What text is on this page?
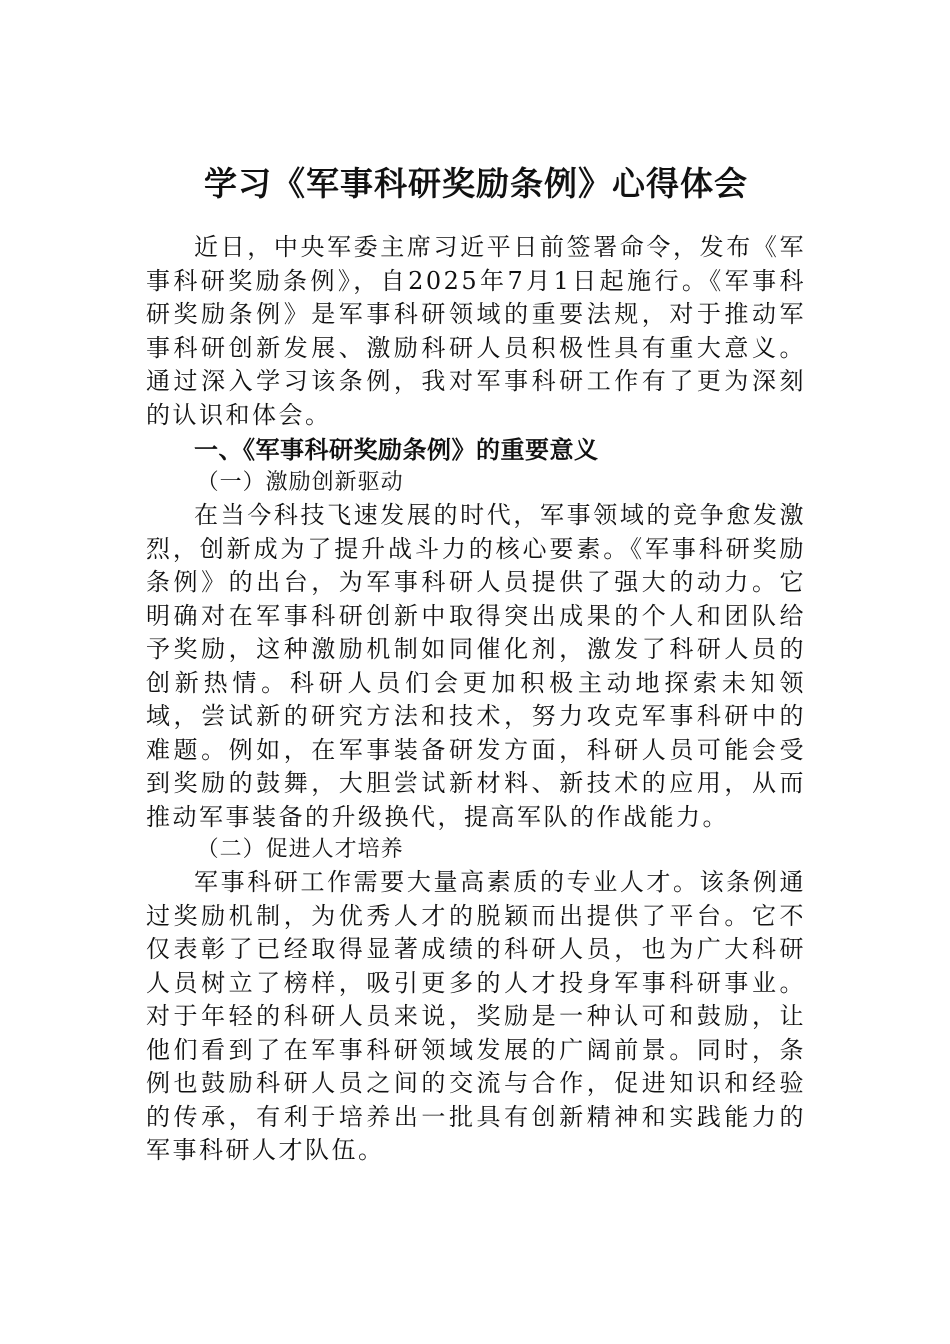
学习《军事科研奖励条例》心得体会

近日，中央军委主席习近平日前签署命令，发布《军事科研奖励条例》，自2025年7月1日起施行。《军事科研奖励条例》是军事科研领域的重要法规，对于推动军事科研创新发展、激励科研人员积极性具有重大意义。通过深入学习该条例，我对军事科研工作有了更为深刻的认识和体会。

一、《军事科研奖励条例》的重要意义

（一）激励创新驱动

在当今科技飞速发展的时代，军事领域的竞争愈发激烈，创新成为了提升战斗力的核心要素。《军事科研奖励条例》的出台，为军事科研人员提供了强大的动力。它明确对在军事科研创新中取得突出成果的个人和团队给予奖励，这种激励机制如同催化剂，激发了科研人员的创新热情。科研人员们会更加积极主动地探索未知领域，尝试新的研究方法和技术，努力攻克军事科研中的难题。例如，在军事装备研发方面，科研人员可能会受到奖励的鼓舞，大胆尝试新材料、新技术的应用，从而推动军事装备的升级换代，提高军队的作战能力。

（二）促进人才培养

军事科研工作需要大量高素质的专业人才。该条例通过奖励机制，为优秀人才的脱颖而出提供了平台。它不仅表彰了已经取得显著成绩的科研人员，也为广大科研人员树立了榜样，吸引更多的人才投身军事科研事业。对于年轻的科研人员来说，奖励是一种认可和鼓励，让他们看到了在军事科研领域发展的广阔前景。同时，条例也鼓励科研人员之间的交流与合作，促进知识和经验的传承，有利于培养出一批具有创新精神和实践能力的军事科研人才队伍。
